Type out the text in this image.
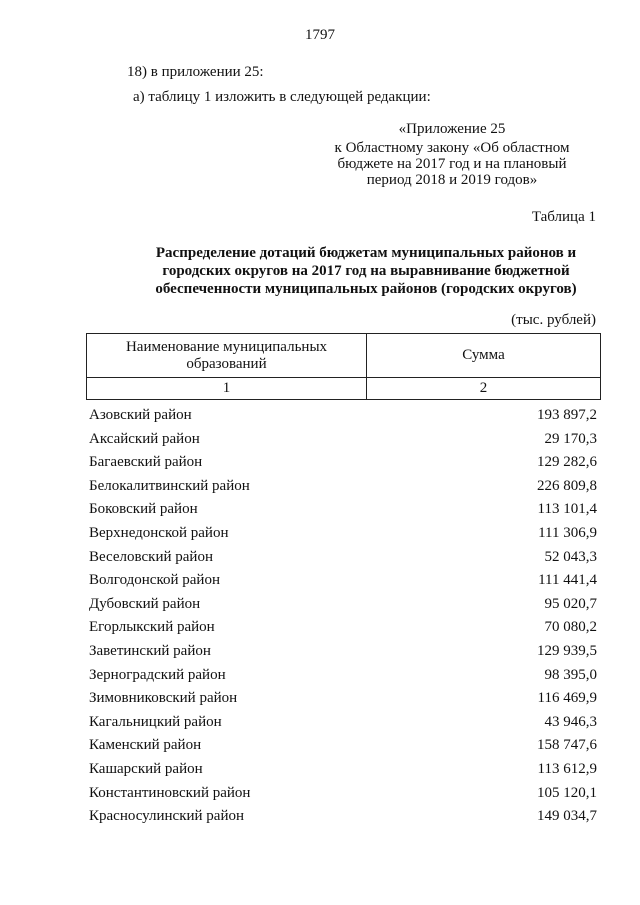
1797
18) в приложении 25:
а) таблицу 1 изложить в следующей редакции:
«Приложение 25
к Областному закону «Об областном
бюджете на 2017 год и на плановый
период 2018 и 2019 годов»
Таблица 1
Распределение дотаций бюджетам муниципальных районов и
городских округов на 2017 год на выравнивание бюджетной
обеспеченности муниципальных районов (городских округов)
(тыс. рублей)
Наименование муниципальных
образований	Сумма
1	2
Азовский район	193 897,2
Аксайский район	29 170,3
Багаевский район	129 282,6
Белокалитвинский район	226 809,8
Боковский район	113 101,4
Верхнедонской район	111 306,9
Веселовский район	52 043,3
Волгодонской район	111 441,4
Дубовский район	95 020,7
Егорлыкский район	70 080,2
Заветинский район	129 939,5
Зерноградский район	98 395,0
Зимовниковский район	116 469,9
Кагальницкий район	43 946,3
Каменский район	158 747,6
Кашарский район	113 612,9
Константиновский район	105 120,1
Красносулинский район	149 034,7
